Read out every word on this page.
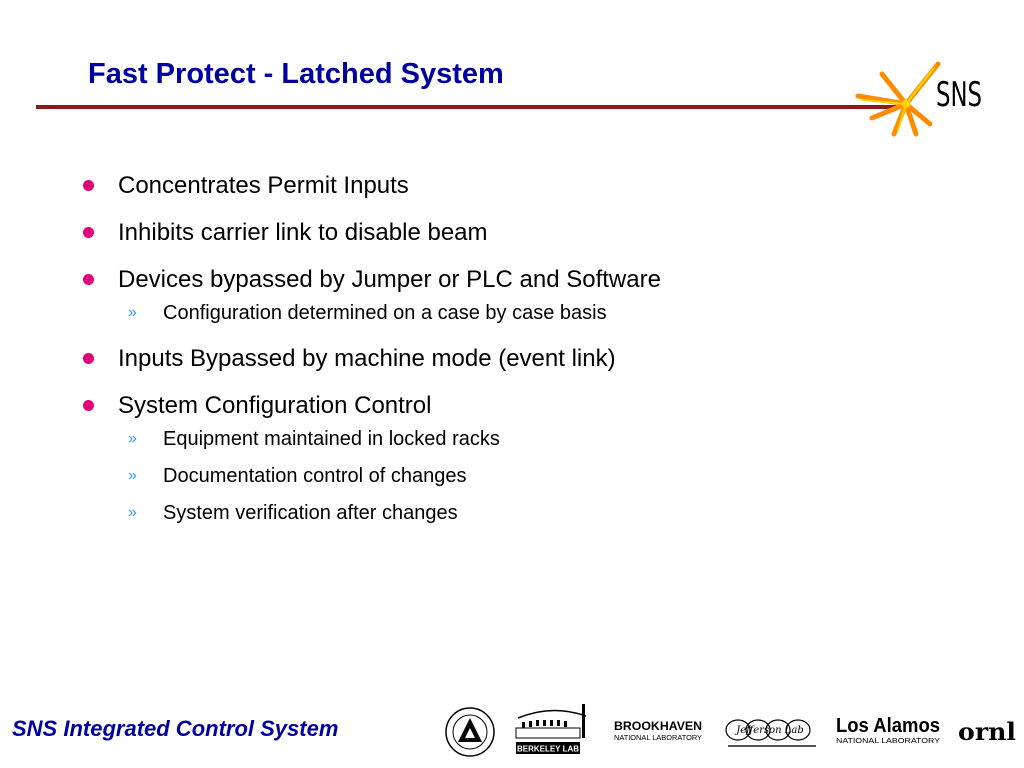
Fast Protect - Latched System
SNS
Concentrates Permit Inputs
Inhibits carrier link to disable beam
Devices bypassed by Jumper or PLC and Software
» Configuration determined on a case by case basis
Inputs Bypassed by machine mode (event link)
System Configuration Control
» Equipment maintained in locked racks
» Documentation control of changes
» System verification after changes
SNS Integrated Control System
BERKELEY LAB
BROOKHAVEN
NATIONAL LABORATORY
Jefferson Lab Los Alamos
NATIONAL LABORATORY ornl
